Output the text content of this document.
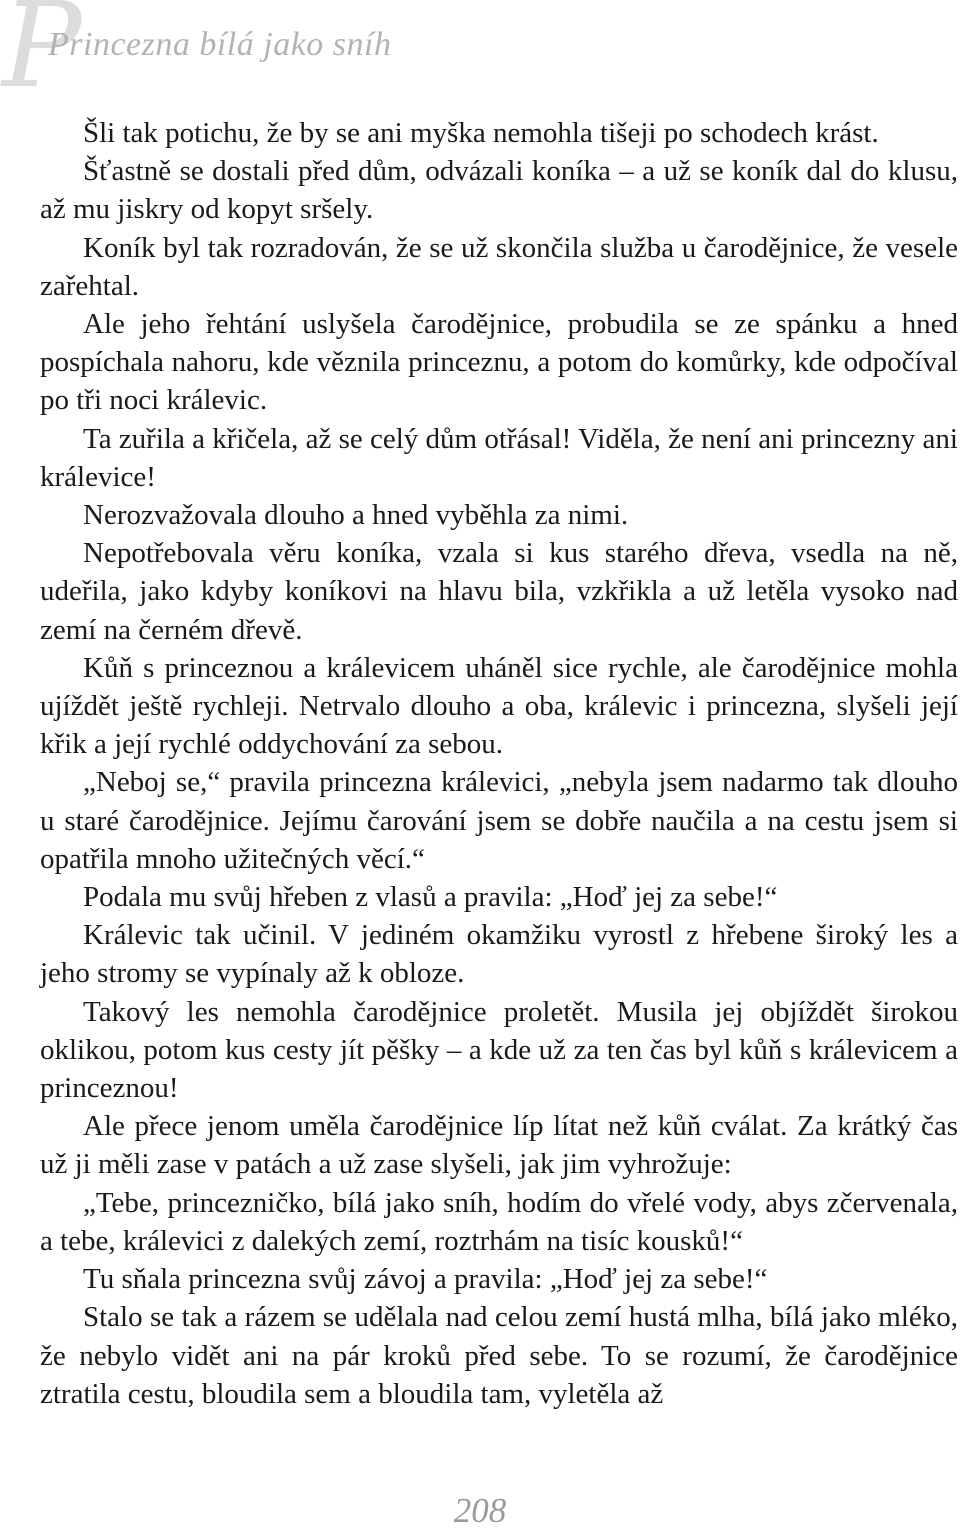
P
Princezna bílá jako sníh

Šli tak potichu, že by se ani myška nemohla tišeji po schodech krást.

Šťastně se dostali před dům, odvázali koníka – a už se koník dal do klusu, až mu jiskry od kopyt sršely.

Koník byl tak rozradován, že se už skončila služba u čarodějnice, že vesele zařehtal.

Ale jeho řehtání uslyšela čarodějnice, probudila se ze spánku a hned pospíchala nahoru, kde věznila princeznu, a potom do komůrky, kde odpočíval po tři noci králevic.

Ta zuřila a křičela, až se celý dům otřásal! Viděla, že není ani princezny ani králevice!

Nerozvažovala dlouho a hned vyběhla za nimi.

Nepotřebovala věru koníka, vzala si kus starého dřeva, vsedla na ně, udeřila, jako kdyby koníkovi na hlavu bila, vzkřikla a už letěla vysoko nad zemí na černém dřevě.

Kůň s princeznou a králevicem uháněl sice rychle, ale čarodějnice mohla ujíždět ještě rychleji. Netrvalo dlouho a oba, králevic i princezna, slyšeli její křik a její rychlé oddychování za sebou.

„Neboj se,“ pravila princezna králevici, „nebyla jsem nadarmo tak dlouho u staré čarodějnice. Jejímu čarování jsem se dobře naučila a na cestu jsem si opatřila mnoho užitečných věcí.“

Podala mu svůj hřeben z vlasů a pravila: „Hoď jej za sebe!“

Králevic tak učinil. V jediném okamžiku vyrostl z hřebene široký les a jeho stromy se vypínaly až k obloze.

Takový les nemohla čarodějnice proletět. Musila jej objíždět širokou oklikou, potom kus cesty jít pěšky – a kde už za ten čas byl kůň s králevicem a princeznou!

Ale přece jenom uměla čarodějnice líp lítat než kůň cválat. Za krátký čas už ji měli zase v patách a už zase slyšeli, jak jim vyhrožuje:

„Tebe, princezničko, bílá jako sníh, hodím do vřelé vody, abys zčervenala, a tebe, králevici z dalekých zemí, roztrhám na tisíc kousků!“

Tu sňala princezna svůj závoj a pravila: „Hoď jej za sebe!“

Stalo se tak a rázem se udělala nad celou zemí hustá mlha, bílá jako mléko, že nebylo vidět ani na pár kroků před sebe. To se rozumí, že čarodějnice ztratila cestu, bloudila sem a bloudila tam, vyletěla až

208
